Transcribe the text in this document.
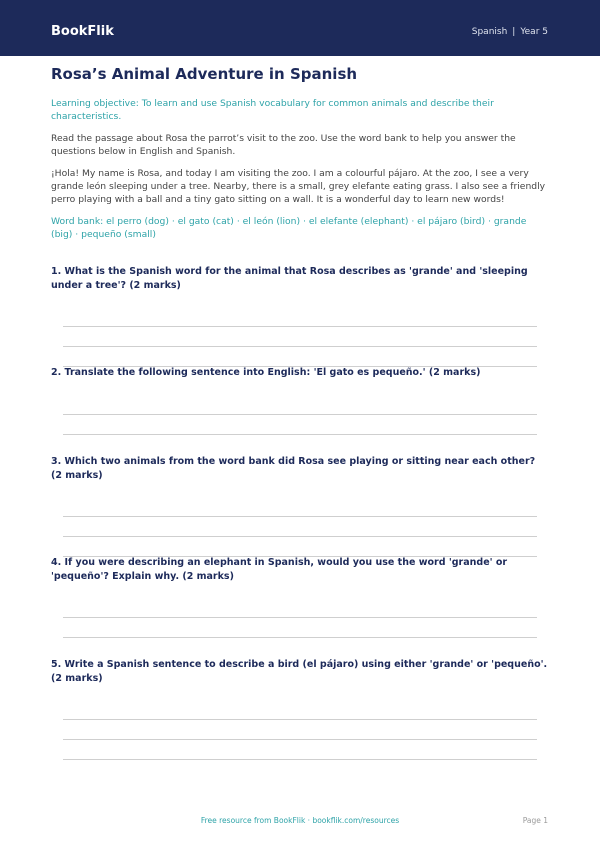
BookFlik	Spanish | Year 5
Rosa’s Animal Adventure in Spanish
Learning objective: To learn and use Spanish vocabulary for common animals and describe their characteristics.
Read the passage about Rosa the parrot’s visit to the zoo. Use the word bank to help you answer the questions below in English and Spanish.
¡Hola! My name is Rosa, and today I am visiting the zoo. I am a colourful pájaro. At the zoo, I see a very grande león sleeping under a tree. Nearby, there is a small, grey elefante eating grass. I also see a friendly perro playing with a ball and a tiny gato sitting on a wall. It is a wonderful day to learn new words!
Word bank: el perro (dog) · el gato (cat) · el león (lion) · el elefante (elephant) · el pájaro (bird) · grande (big) · pequeño (small)
1. What is the Spanish word for the animal that Rosa describes as 'grande' and 'sleeping under a tree'? (2 marks)
2. Translate the following sentence into English: 'El gato es pequeño.' (2 marks)
3. Which two animals from the word bank did Rosa see playing or sitting near each other? (2 marks)
4. If you were describing an elephant in Spanish, would you use the word 'grande' or 'pequeño'? Explain why. (2 marks)
5. Write a Spanish sentence to describe a bird (el pájaro) using either 'grande' or 'pequeño'. (2 marks)
Free resource from BookFlik · bookflik.com/resources	Page 1
